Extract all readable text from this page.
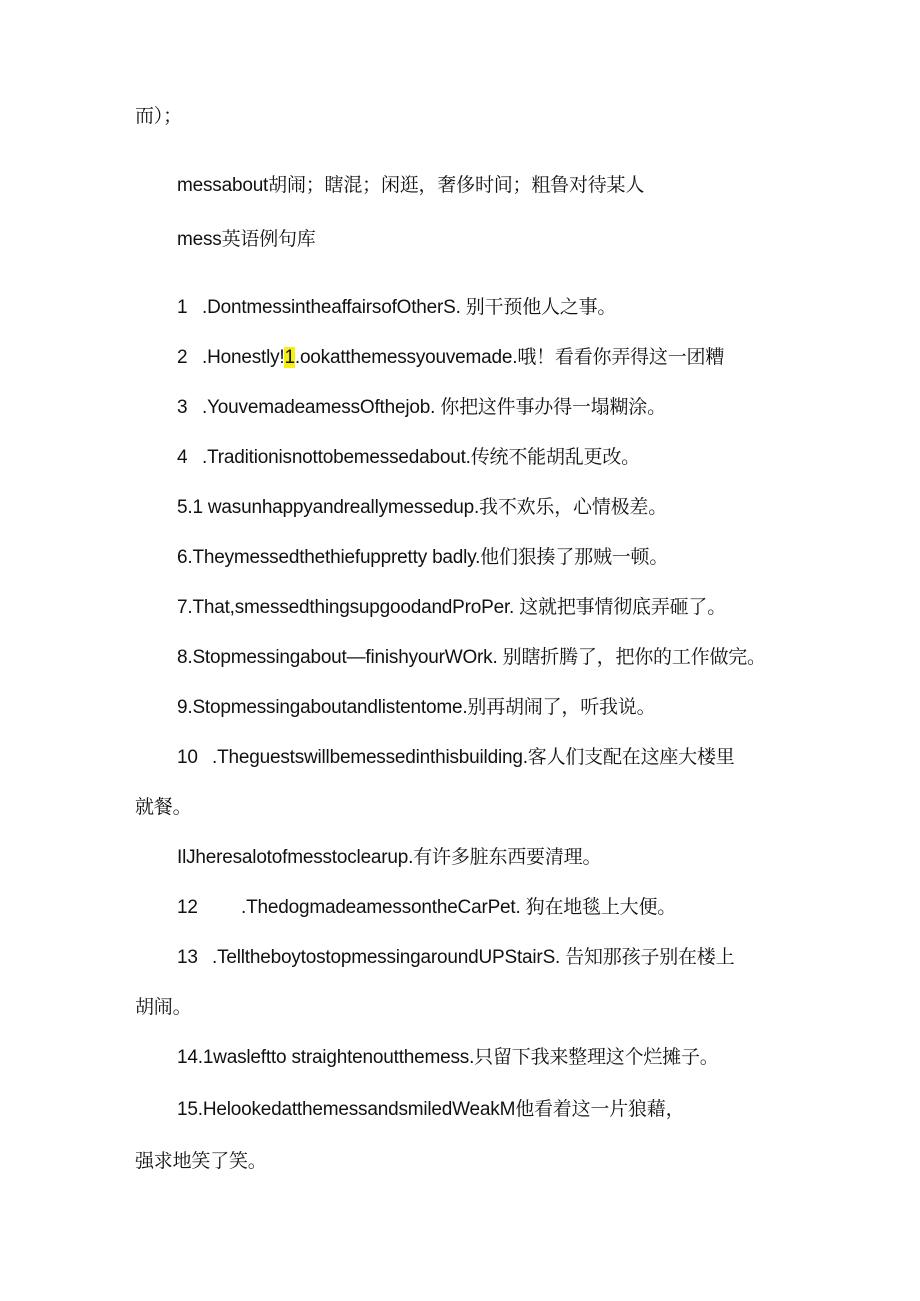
而）；
messabout胡闹；瞎混；闲逛，奢侈时间；粗鲁对待某人
mess英语例句库
1 .DontmessintheaffairsofOtherS. 别干预他人之事。
2 .Honestly!1.ookatthemessyouvemade.哦！看看你弄得这一团糟
3 .YouvemadeamessOfthejob. 你把这件事办得一塌糊涂。
4 .Traditionisnottobemessedabout.传统不能胡乱更改。
5.1 wasunhappyandreallymessedup.我不欢乐，心情极差。
6.Theymessedthethiefuppretty badly.他们狠揍了那贼一顿。
7.That,smessedthingsupgoodandProPer. 这就把事情彻底弄砸了。
8.Stopmessingabout—finishyourWOrk. 别瞎折腾了，把你的工作做完。
9.Stopmessingaboutandlistentome.别再胡闹了，听我说。
10 .Theguestswillbemessedinthisbuilding.客人们支配在这座大楼里
就餐。
IlJheresalotofmesstoclearup.有许多脏东西要清理。
12 .ThedogmadeamessontheCarPet. 狗在地毯上大便。
13 .TelltheboytostopmessingaroundUPStairS. 告知那孩子别在楼上
胡闹。
14.1wasleftto straightenoutthemess.只留下我来整理这个烂摊子。
15.HelookedatthemessandsmiledWeakM他看着这一片狼藉，
强求地笑了笑。
